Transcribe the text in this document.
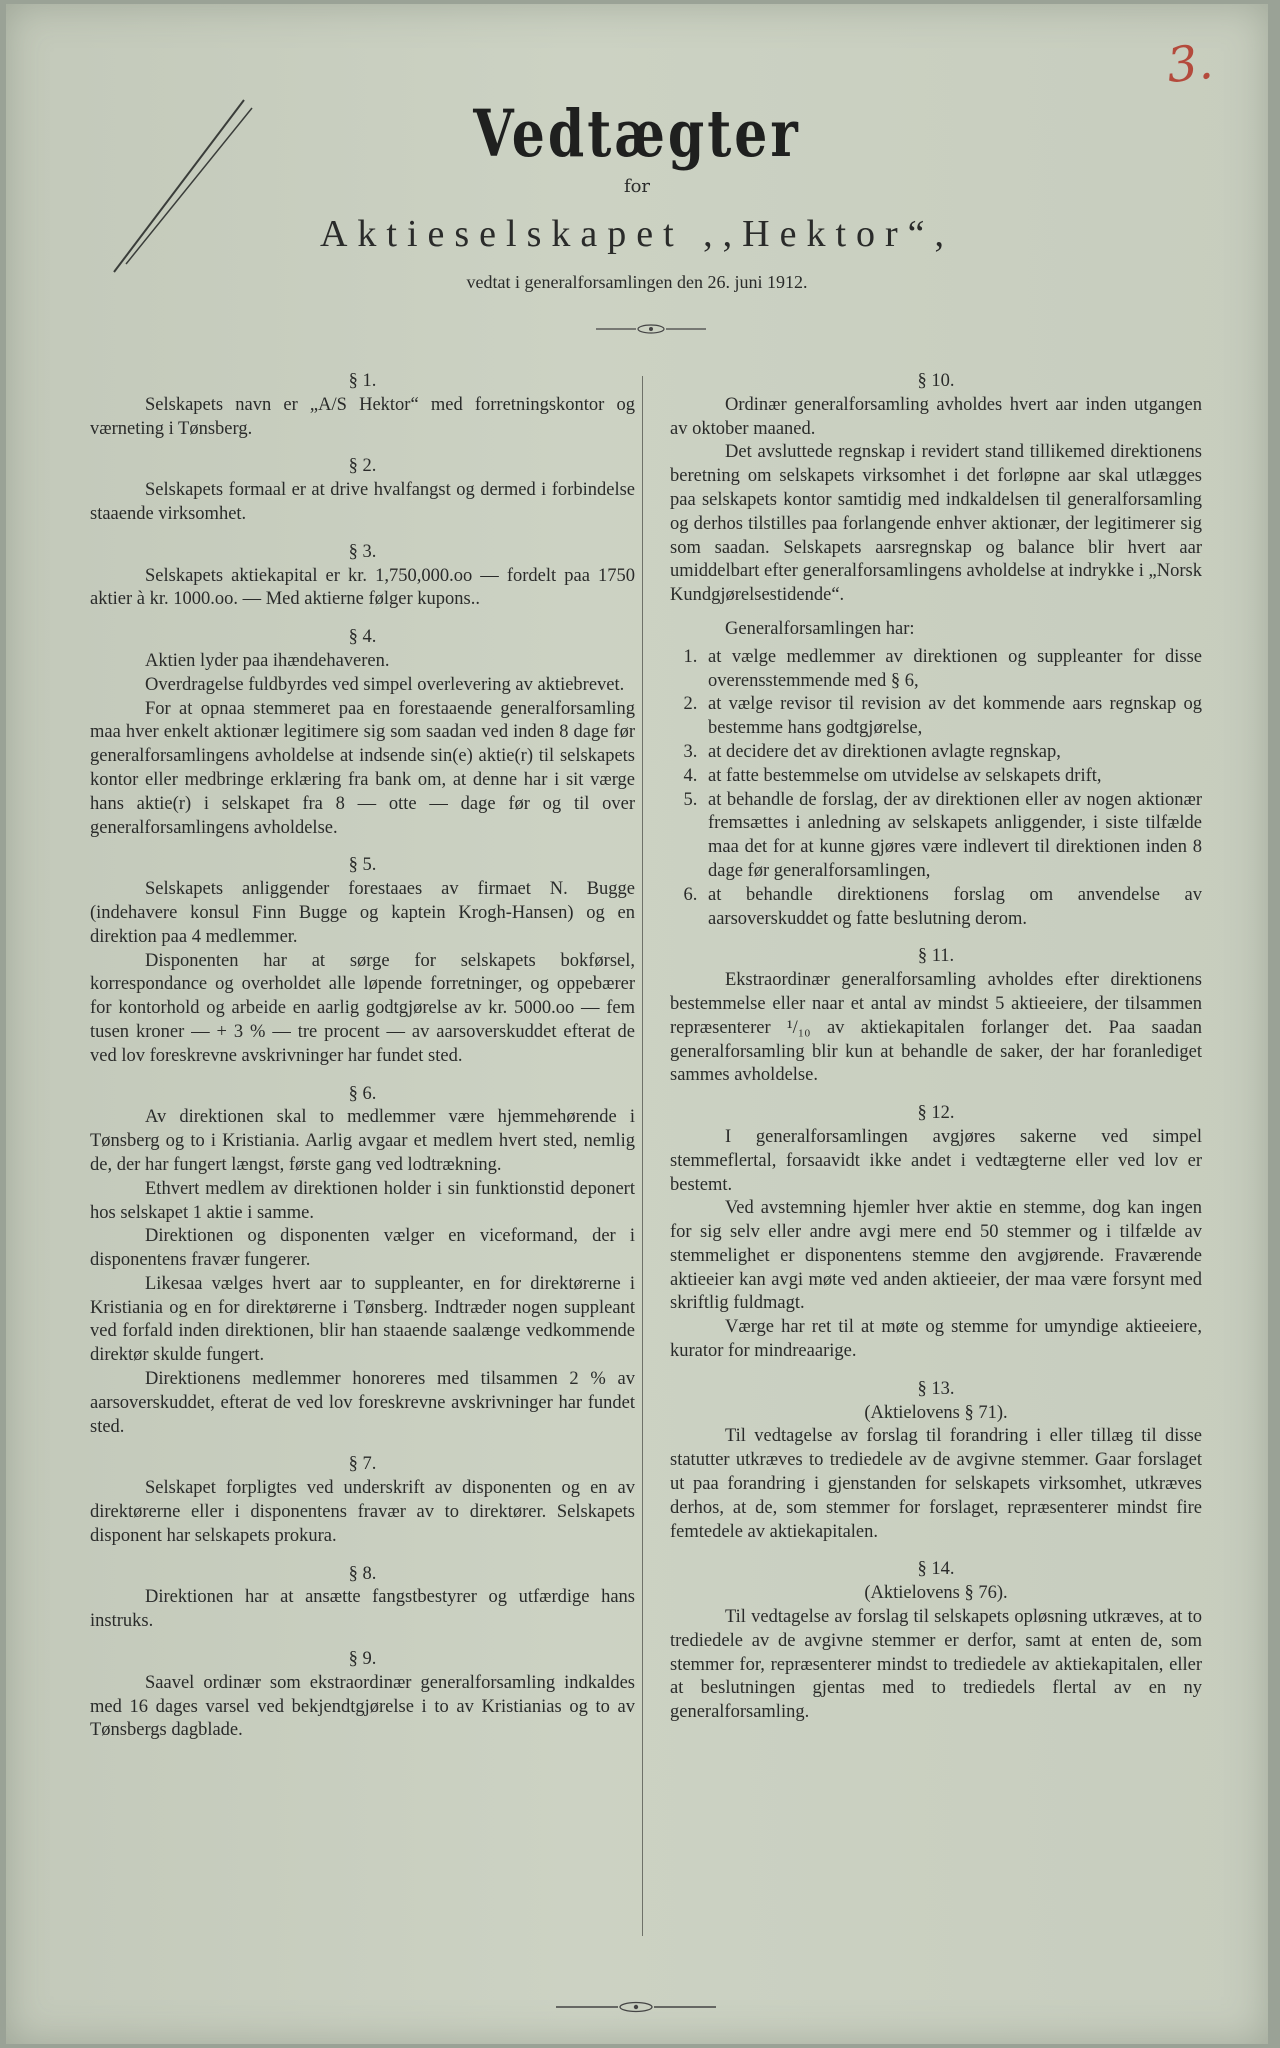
3.
Vedtægter
for
Aktieselskapet ,,Hektor“,
vedtat i generalforsamlingen den 26. juni 1912.

§ 1.

Selskapets navn er „A/S Hektor“ med forretningskontor og værneting i Tønsberg.

§ 2.

Selskapets formaal er at drive hvalfangst og dermed i forbindelse staaende virksomhet.

§ 3.

Selskapets aktiekapital er kr. 1,750,000.oo — fordelt paa 1750 aktier à kr. 1000.oo. — Med aktierne følger kupons..

§ 4.

Aktien lyder paa ihændehaveren.

Overdragelse fuldbyrdes ved simpel overlevering av aktiebrevet.

For at opnaa stemmeret paa en forestaaende generalforsamling maa hver enkelt aktionær legitimere sig som saadan ved inden 8 dage før generalforsamlingens avholdelse at indsende sin(e) aktie(r) til selskapets kontor eller medbringe erklæring fra bank om, at denne har i sit værge hans aktie(r) i selskapet fra 8 — otte — dage før og til over generalforsamlingens avholdelse.

§ 5.

Selskapets anliggender forestaaes av firmaet N. Bugge (indehavere konsul Finn Bugge og kaptein Krogh-Hansen) og en direktion paa 4 medlemmer.

Disponenten har at sørge for selskapets bokførsel, korrespondance og overholdet alle løpende forretninger, og oppebærer for kontorhold og arbeide en aarlig godtgjørelse av kr. 5000.oo — fem tusen kroner — + 3 % — tre procent — av aarsoverskuddet efterat de ved lov foreskrevne avskrivninger har fundet sted.

§ 6.

Av direktionen skal to medlemmer være hjemmehørende i Tønsberg og to i Kristiania. Aarlig avgaar et medlem hvert sted, nemlig de, der har fungert længst, første gang ved lodtrækning.

Ethvert medlem av direktionen holder i sin funktionstid deponert hos selskapet 1 aktie i samme.

Direktionen og disponenten vælger en viceformand, der i disponentens fravær fungerer.

Likesaa vælges hvert aar to suppleanter, en for direktørerne i Kristiania og en for direktørerne i Tønsberg. Indtræder nogen suppleant ved forfald inden direktionen, blir han staaende saalænge vedkommende direktør skulde fungert.

Direktionens medlemmer honoreres med tilsammen 2 % av aarsoverskuddet, efterat de ved lov foreskrevne avskrivninger har fundet sted.

§ 7.

Selskapet forpligtes ved underskrift av disponenten og en av direktørerne eller i disponentens fravær av to direktører. Selskapets disponent har selskapets prokura.

§ 8.

Direktionen har at ansætte fangstbestyrer og utfærdige hans instruks.

§ 9.

Saavel ordinær som ekstraordinær generalforsamling indkaldes med 16 dages varsel ved bekjendtgjørelse i to av Kristianias og to av Tønsbergs dagblade.

§ 10.

Ordinær generalforsamling avholdes hvert aar inden utgangen av oktober maaned.

Det avsluttede regnskap i revidert stand tillikemed direktionens beretning om selskapets virksomhet i det forløpne aar skal utlægges paa selskapets kontor samtidig med indkaldelsen til generalforsamling og derhos tilstilles paa forlangende enhver aktionær, der legitimerer sig som saadan. Selskapets aarsregnskap og balance blir hvert aar umiddelbart efter generalforsamlingens avholdelse at indrykke i „Norsk Kundgjørelsestidende“.

Generalforsamlingen har:

1. at vælge medlemmer av direktionen og suppleanter for disse overensstemmende med § 6,
2. at vælge revisor til revision av det kommende aars regnskap og bestemme hans godtgjørelse,
3. at decidere det av direktionen avlagte regnskap,
4. at fatte bestemmelse om utvidelse av selskapets drift,
5. at behandle de forslag, der av direktionen eller av nogen aktionær fremsættes i anledning av selskapets anliggender, i siste tilfælde maa det for at kunne gjøres være indlevert til direktionen inden 8 dage før generalforsamlingen,
6. at behandle direktionens forslag om anvendelse av aarsoverskuddet og fatte beslutning derom.

§ 11.

Ekstraordinær generalforsamling avholdes efter direktionens bestemmelse eller naar et antal av mindst 5 aktieeiere, der tilsammen repræsenterer ¹/₁₀ av aktiekapitalen forlanger det. Paa saadan generalforsamling blir kun at behandle de saker, der har foranlediget sammes avholdelse.

§ 12.

I generalforsamlingen avgjøres sakerne ved simpel stemmeflertal, forsaavidt ikke andet i vedtægterne eller ved lov er bestemt.

Ved avstemning hjemler hver aktie en stemme, dog kan ingen for sig selv eller andre avgi mere end 50 stemmer og i tilfælde av stemmelighet er disponentens stemme den avgjørende. Fraværende aktieeier kan avgi møte ved anden aktieeier, der maa være forsynt med skriftlig fuldmagt.

Værge har ret til at møte og stemme for umyndige aktieeiere, kurator for mindreaarige.

§ 13.

(Aktielovens § 71).

Til vedtagelse av forslag til forandring i eller tillæg til disse statutter utkræves to trediedele av de avgivne stemmer. Gaar forslaget ut paa forandring i gjenstanden for selskapets virksomhet, utkræves derhos, at de, som stemmer for forslaget, repræsenterer mindst fire femtedele av aktiekapitalen.

§ 14.

(Aktielovens § 76).

Til vedtagelse av forslag til selskapets opløsning utkræves, at to trediedele av de avgivne stemmer er derfor, samt at enten de, som stemmer for, repræsenterer mindst to trediedele av aktiekapitalen, eller at beslutningen gjentas med to trediedels flertal av en ny generalforsamling.
